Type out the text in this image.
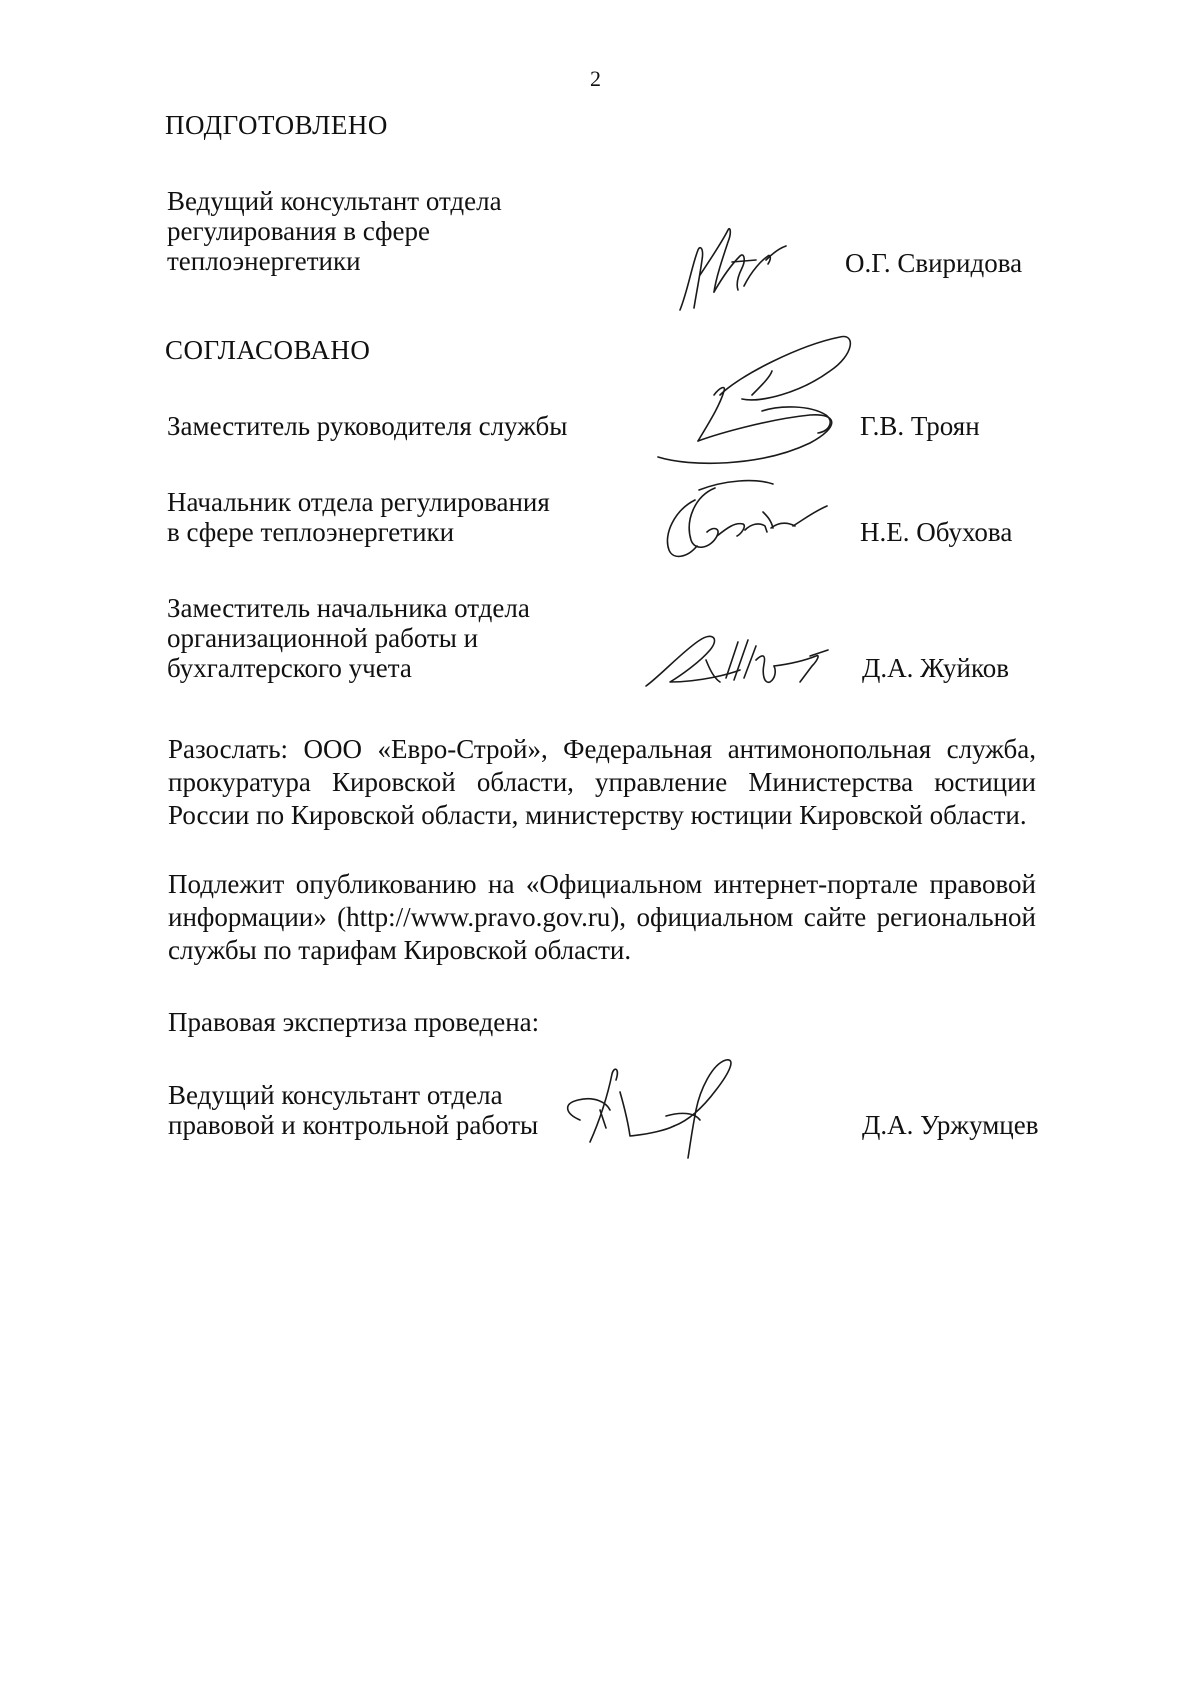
2
ПОДГОТОВЛЕНО
Ведущий консультант отдела
регулирования в сфере
теплоэнергетики	О.Г. Свиридова
СОГЛАСОВАНО
Заместитель руководителя службы	Г.В. Троян
Начальник отдела регулирования
в сфере теплоэнергетики	Н.Е. Обухова
Заместитель начальника отдела
организационной работы и
бухгалтерского учета	Д.А. Жуйков
Разослать: ООО «Евро-Строй», Федеральная антимонопольная служба, прокуратура Кировской области, управление Министерства юстиции России по Кировской области, министерству юстиции Кировской области.
Подлежит опубликованию на «Официальном интернет-портале правовой информации» (http://www.pravo.gov.ru), официальном сайте региональной службы по тарифам Кировской области.
Правовая экспертиза проведена:
Ведущий консультант отдела
правовой и контрольной работы	Д.А. Уржумцев
